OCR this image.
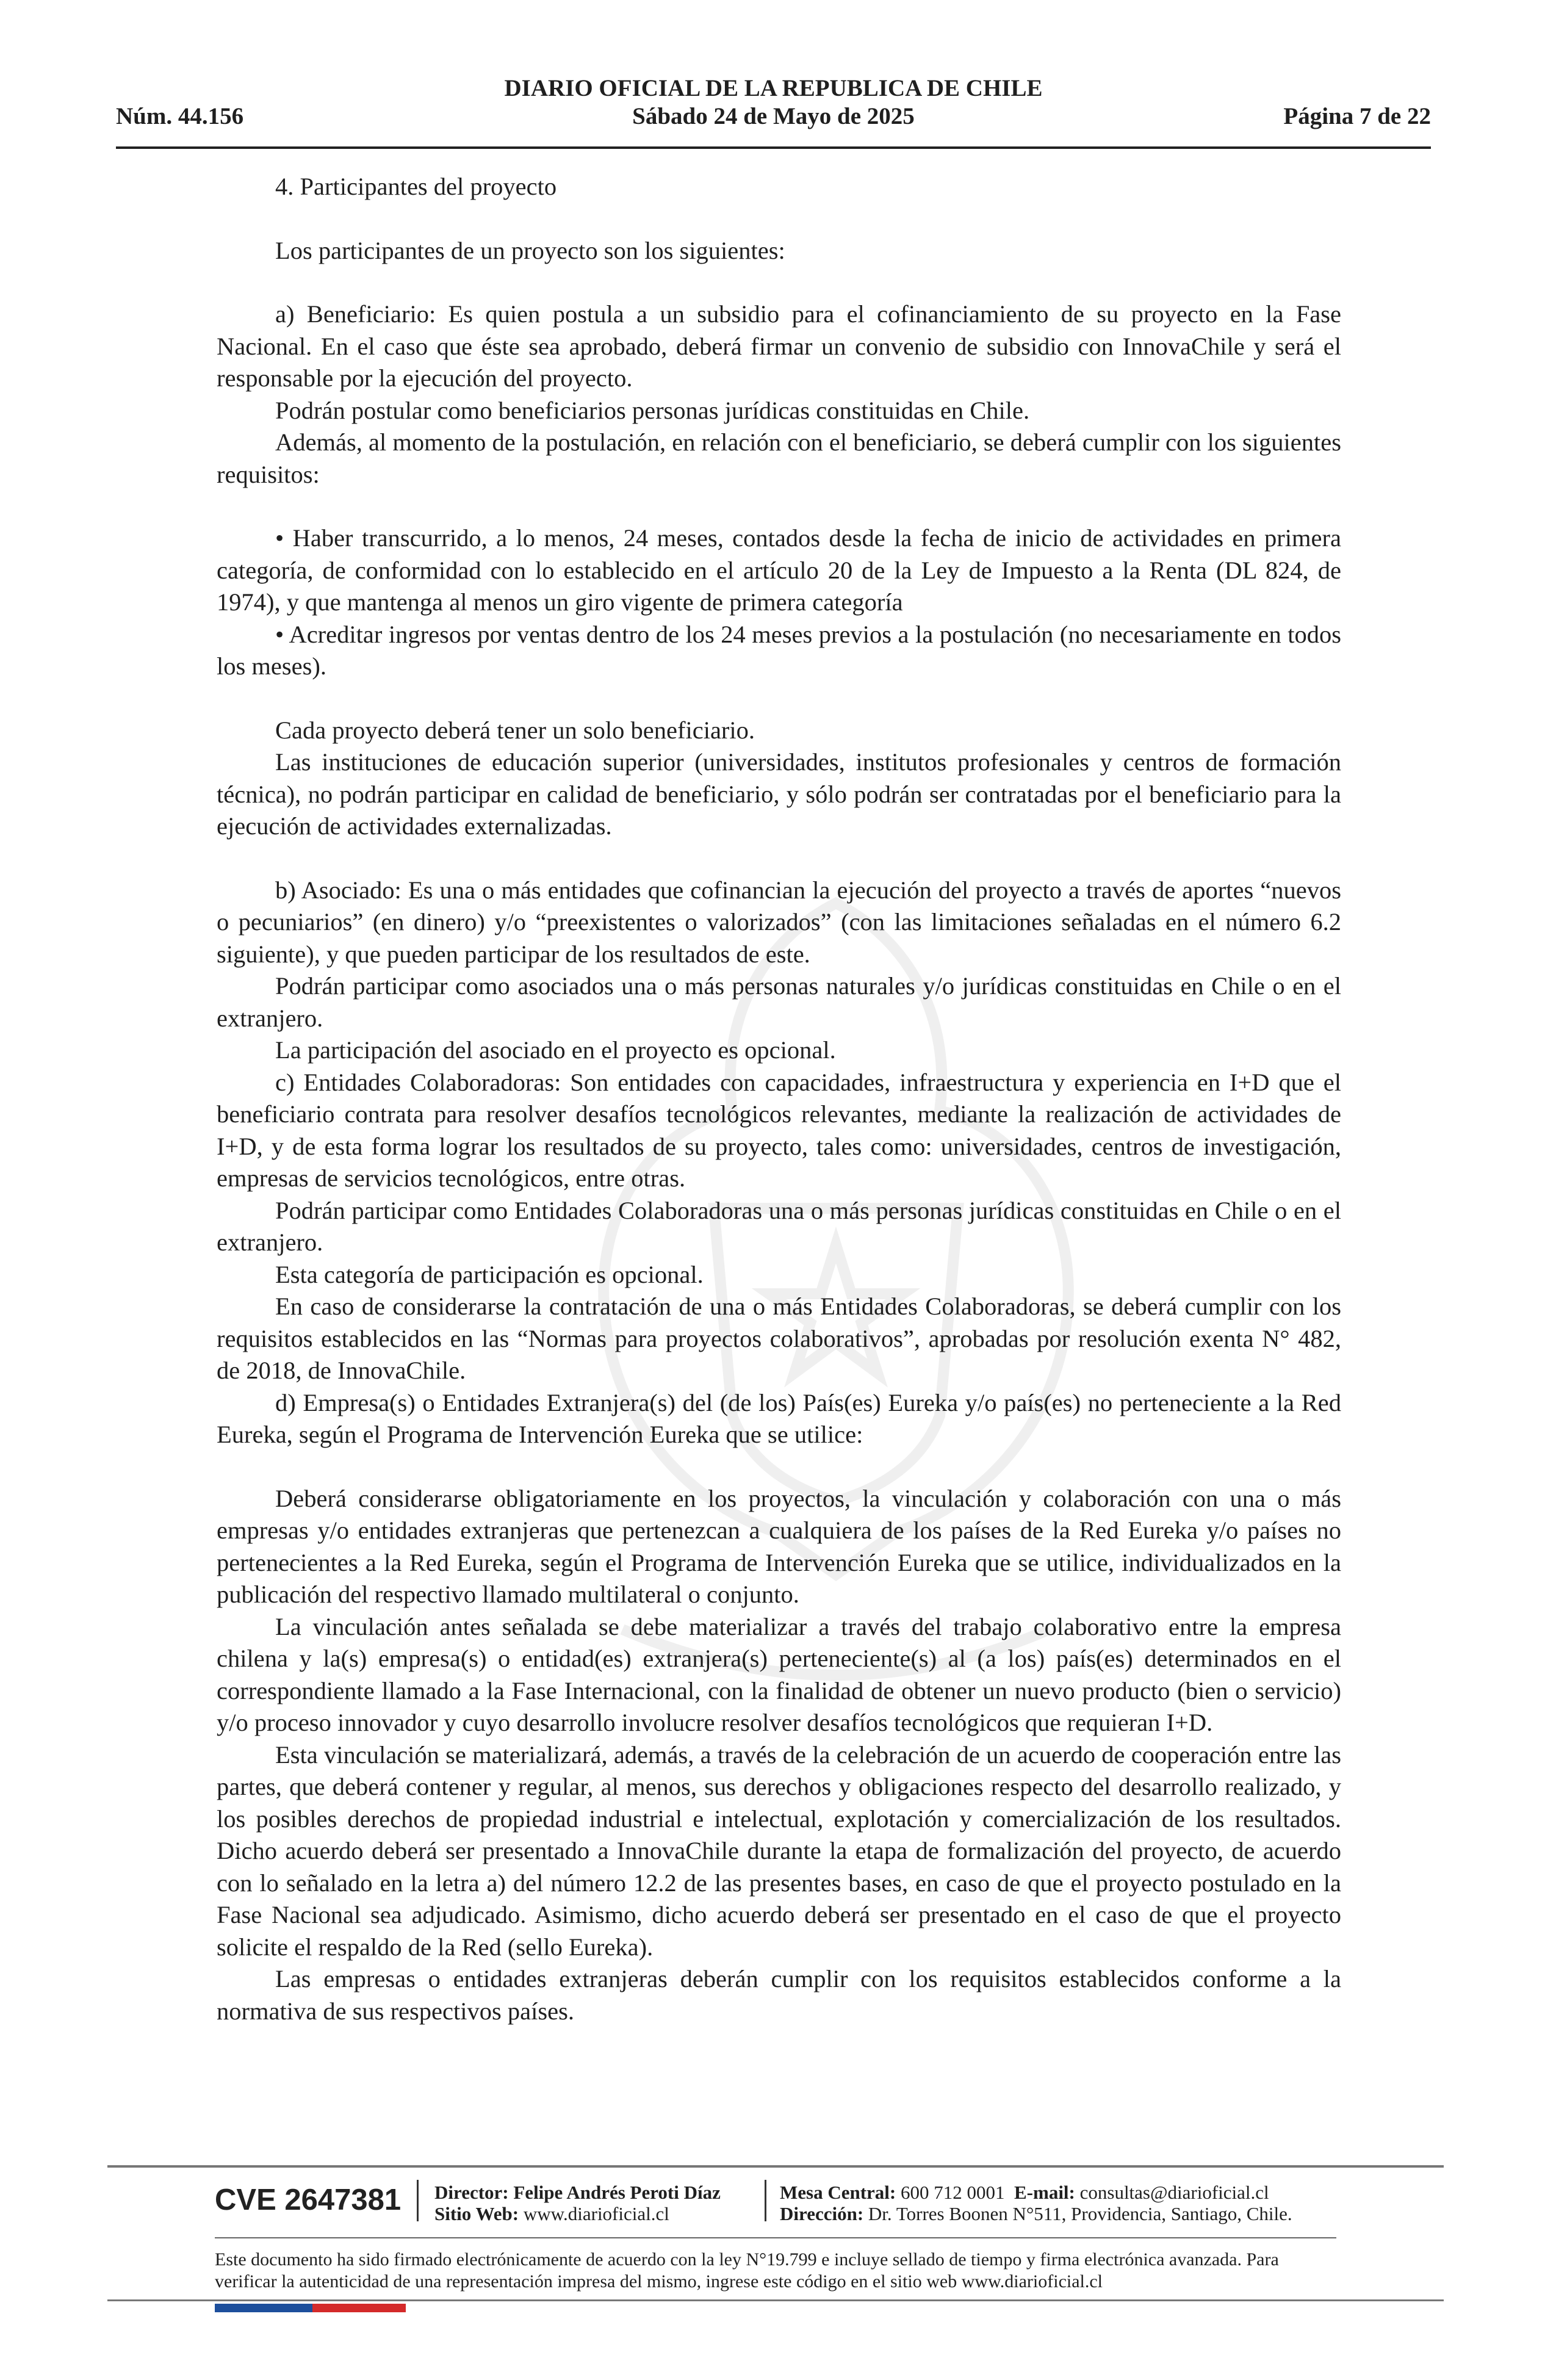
DIARIO OFICIAL DE LA REPUBLICA DE CHILE
Sábado 24 de Mayo de 2025
Núm. 44.156	Página 7 de 22

4. Participantes del proyecto

Los participantes de un proyecto son los siguientes:

a) Beneficiario: Es quien postula a un subsidio para el cofinanciamiento de su proyecto en la Fase Nacional. En el caso que éste sea aprobado, deberá firmar un convenio de subsidio con InnovaChile y será el responsable por la ejecución del proyecto.

Podrán postular como beneficiarios personas jurídicas constituidas en Chile.

Además, al momento de la postulación, en relación con el beneficiario, se deberá cumplir con los siguientes requisitos:

• Haber transcurrido, a lo menos, 24 meses, contados desde la fecha de inicio de actividades en primera categoría, de conformidad con lo establecido en el artículo 20 de la Ley de Impuesto a la Renta (DL 824, de 1974), y que mantenga al menos un giro vigente de primera categoría

• Acreditar ingresos por ventas dentro de los 24 meses previos a la postulación (no necesariamente en todos los meses).

Cada proyecto deberá tener un solo beneficiario.

Las instituciones de educación superior (universidades, institutos profesionales y centros de formación técnica), no podrán participar en calidad de beneficiario, y sólo podrán ser contratadas por el beneficiario para la ejecución de actividades externalizadas.

b) Asociado: Es una o más entidades que cofinancian la ejecución del proyecto a través de aportes “nuevos o pecuniarios” (en dinero) y/o “preexistentes o valorizados” (con las limitaciones señaladas en el número 6.2 siguiente), y que pueden participar de los resultados de este.

Podrán participar como asociados una o más personas naturales y/o jurídicas constituidas en Chile o en el extranjero.

La participación del asociado en el proyecto es opcional.

c) Entidades Colaboradoras: Son entidades con capacidades, infraestructura y experiencia en I+D que el beneficiario contrata para resolver desafíos tecnológicos relevantes, mediante la realización de actividades de I+D, y de esta forma lograr los resultados de su proyecto, tales como: universidades, centros de investigación, empresas de servicios tecnológicos, entre otras.

Podrán participar como Entidades Colaboradoras una o más personas jurídicas constituidas en Chile o en el extranjero.

Esta categoría de participación es opcional.

En caso de considerarse la contratación de una o más Entidades Colaboradoras, se deberá cumplir con los requisitos establecidos en las “Normas para proyectos colaborativos”, aprobadas por resolución exenta N° 482, de 2018, de InnovaChile.

d) Empresa(s) o Entidades Extranjera(s) del (de los) País(es) Eureka y/o país(es) no perteneciente a la Red Eureka, según el Programa de Intervención Eureka que se utilice:

Deberá considerarse obligatoriamente en los proyectos, la vinculación y colaboración con una o más empresas y/o entidades extranjeras que pertenezcan a cualquiera de los países de la Red Eureka y/o países no pertenecientes a la Red Eureka, según el Programa de Intervención Eureka que se utilice, individualizados en la publicación del respectivo llamado multilateral o conjunto.

La vinculación antes señalada se debe materializar a través del trabajo colaborativo entre la empresa chilena y la(s) empresa(s) o entidad(es) extranjera(s) perteneciente(s) al (a los) país(es) determinados en el correspondiente llamado a la Fase Internacional, con la finalidad de obtener un nuevo producto (bien o servicio) y/o proceso innovador y cuyo desarrollo involucre resolver desafíos tecnológicos que requieran I+D.

Esta vinculación se materializará, además, a través de la celebración de un acuerdo de cooperación entre las partes, que deberá contener y regular, al menos, sus derechos y obligaciones respecto del desarrollo realizado, y los posibles derechos de propiedad industrial e intelectual, explotación y comercialización de los resultados. Dicho acuerdo deberá ser presentado a InnovaChile durante la etapa de formalización del proyecto, de acuerdo con lo señalado en la letra a) del número 12.2 de las presentes bases, en caso de que el proyecto postulado en la Fase Nacional sea adjudicado. Asimismo, dicho acuerdo deberá ser presentado en el caso de que el proyecto solicite el respaldo de la Red (sello Eureka).

Las empresas o entidades extranjeras deberán cumplir con los requisitos establecidos conforme a la normativa de sus respectivos países.

CVE 2647381 Director: Felipe Andrés Peroti Díaz
Sitio Web: www.diarioficial.cl
Mesa Central: 600 712 0001 E-mail: consultas@diarioficial.cl
Dirección: Dr. Torres Boonen N°511, Providencia, Santiago, Chile.
Este documento ha sido firmado electrónicamente de acuerdo con la ley N°19.799 e incluye sellado de tiempo y firma electrónica avanzada. Para verificar la autenticidad de una representación impresa del mismo, ingrese este código en el sitio web www.diarioficial.cl
